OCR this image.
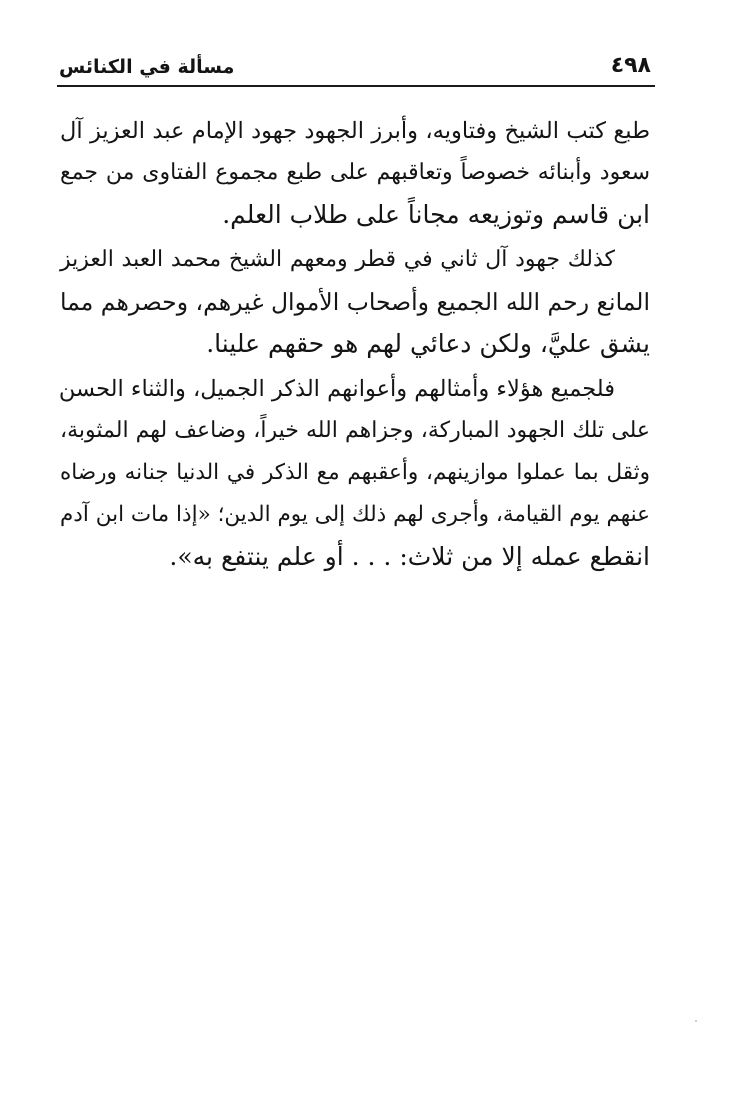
٤٩٨
مسألة في الكنائس
طبع كتب الشيخ وفتاويه، وأبرز الجهود جهود الإمام عبد العزيز آل
سعود وأبنائه خصوصاً وتعاقبهم على طبع مجموع الفتاوى من جمع
ابن قاسم وتوزيعه مجاناً على طلاب العلم.
كذلك جهود آل ثاني في قطر ومعهم الشيخ محمد العبد العزيز
المانع رحم الله الجميع وأصحاب الأموال غيرهم، وحصرهم مما
يشق عليَّ، ولكن دعائي لهم هو حقهم علينا.
فلجميع هؤلاء وأمثالهم وأعوانهم الذكر الجميل، والثناء الحسن
على تلك الجهود المباركة، وجزاهم الله خيراً، وضاعف لهم المثوبة،
وثقل بما عملوا موازينهم، وأعقبهم مع الذكر في الدنيا جنانه ورضاه
عنهم يوم القيامة، وأجرى لهم ذلك إلى يوم الدين؛ «إذا مات ابن آدم
انقطع عمله إلا من ثلاث: . . . أو علم ينتفع به».
